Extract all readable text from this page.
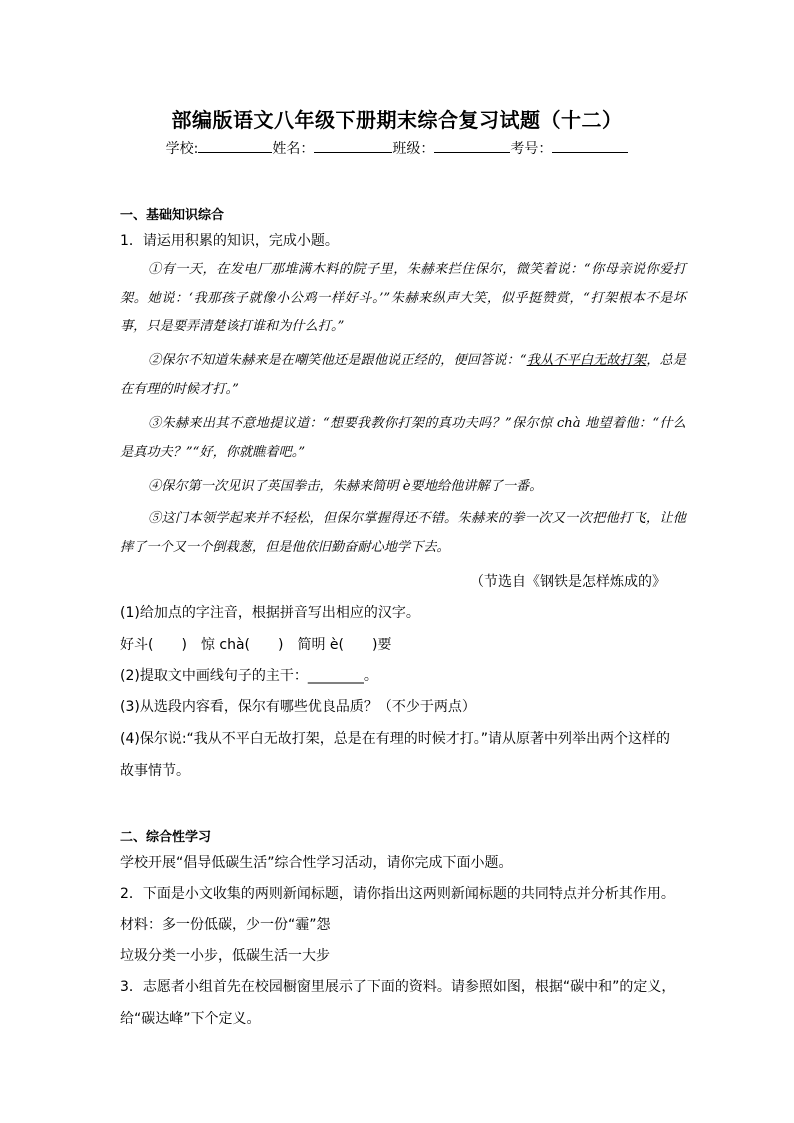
部编版语文八年级下册期末综合复习试题（十二）
学校:	姓名：	班级：	考号：
一、基础知识综合
1．请运用积累的知识，完成小题。
①有一天，在发电厂那堆满木料的院子里，朱赫来拦住保尔，微笑着说：“你母亲说你爱打架。她说：‘我那孩子就像小公鸡一样好斗。’”朱赫来纵声大笑，似乎挺赞赏，“打架根本不是坏事，只是要弄清楚该打谁和为什么打。”
②保尔不知道朱赫来是在嘲笑他还是跟他说正经的，便回答说：“我从不平白无故打架，总是在有理的时候才打。”
③朱赫来出其不意地提议道：“想要我教你打架的真功夫吗？”保尔惊 chà 地望着他：“什么是真功夫？”“好，你就瞧着吧。”
④保尔第一次见识了英国拳击，朱赫来简明 è要地给他讲解了一番。
⑤这门本领学起来并不轻松，但保尔掌握得还不错。朱赫来的拳一次又一次把他打飞，让他摔了一个又一个倒栽葱，但是他依旧勤奋耐心地学下去。
（节选自《钢铁是怎样炼成的》
(1)给加点的字注音，根据拼音写出相应的汉字。
好斗( )　惊 chà( )　简明 è( )要
(2)提取文中画线句子的主干：________。
(3)从选段内容看，保尔有哪些优良品质？（不少于两点）
(4)保尔说:“我从不平白无故打架，总是在有理的时候才打。”请从原著中列举出两个这样的
故事情节。
二、综合性学习
学校开展“倡导低碳生活”综合性学习活动，请你完成下面小题。
2．下面是小文收集的两则新闻标题，请你指出这两则新闻标题的共同特点并分析其作用。
材料：多一份低碳，少一份“霾”怨
垃圾分类一小步，低碳生活一大步
3．志愿者小组首先在校园橱窗里展示了下面的资料。请参照如图，根据“碳中和”的定义，
给“碳达峰”下个定义。
